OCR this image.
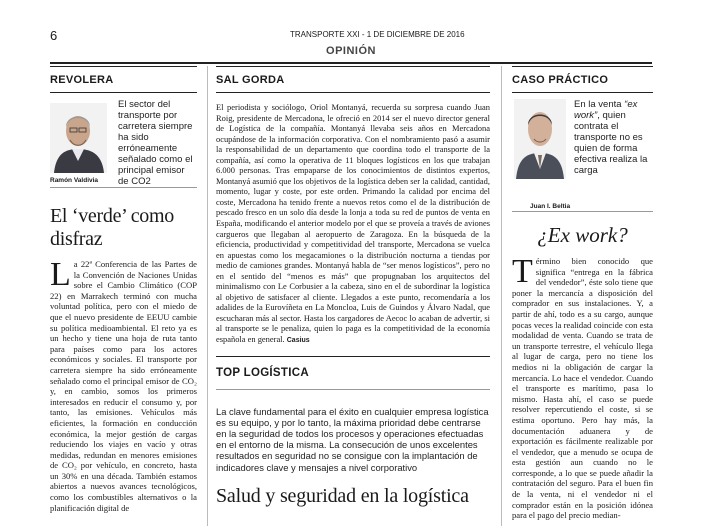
6	TRANSPORTE XXI - 1 DE DICIEMBRE DE 2016
OPINIÓN
REVOLERA
El sector del transporte por carretera siempre ha sido erróneamente señalado como el principal emisor de CO2
Ramón Valdivia
El ‘verde’ como disfraz
L a 22ª Conferencia de las Partes de la Convención de Naciones Unidas sobre el Cambio Climático (COP 22) en Marrakech terminó con mucha voluntad política, pero con el miedo de que el nuevo presidente de EEUU cambie su política medioambiental. El reto ya es un hecho y tiene una hoja de ruta tanto para países como para los actores económicos y sociales. El transporte por carretera siempre ha sido erróneamente señalado como el principal emisor de CO₂ y, en cambio, somos los primeros interesados en reducir el consumo y, por tanto, las emisiones. Vehículos más eficientes, la formación en conducción económica, la mejor gestión de cargas reduciendo los viajes en vacío y otras medidas, redundan en menores emisiones de CO₂ por vehículo, en concreto, hasta un 30% en una década. También estamos abiertos a nuevos avances tecnológicos, como los combustibles alternativos o la planificación digital de
SAL GORDA
El periodista y sociólogo, Oriol Montanyá, recuerda su sorpresa cuando Juan Roig, presidente de Mercadona, le ofreció en 2014 ser el nuevo director general de Logística de la compañía. Montanyá llevaba seis años en Mercadona ocupándose de la información corporativa. Con el nombramiento pasó a asumir la responsabilidad de un departamento que coordina todo el transporte de la compañía, así como la operativa de 11 bloques logísticos en los que trabajan 6.000 personas. Tras empaparse de los conocimientos de distintos expertos, Montanyá asumió que los objetivos de la logística deben ser la calidad, cantidad, momento, lugar y coste, por este orden. Primando la calidad por encima del coste, Mercadona ha tenido frente a nuevos retos como el de la distribución de pescado fresco en un solo día desde la lonja a toda su red de puntos de venta en España, modificando el anterior modelo por el que se proveía a través de aviones cargueros que llegaban al aeropuerto de Zaragoza. En la búsqueda de la eficiencia, productividad y competitividad del transporte, Mercadona se vuelca en apuestas como los megacamiones o la distribución nocturna a tiendas por medio de camiones grandes. Montanyá habla de “ser menos logísticos”, pero no en el sentido del “menos es más” que propugnaban los arquitectos del minimalismo con Le Corbusier a la cabeza, sino en el de subordinar la logística al objetivo de satisfacer al cliente. Llegados a este punto, recomendaría a los adalides de la Eurovíñeta en La Moncloa, Luis de Guindos y Álvaro Nadal, que escucharan más al sector. Hasta los cargadores de Aecoc lo acaban de advertir, si al transporte se le penaliza, quien lo paga es la competitividad de la economía española en general. Casius
TOP LOGÍSTICA
La clave fundamental para el éxito en cualquier empresa logística es su equipo, y por lo tanto, la máxima prioridad debe centrarse en la seguridad de todos los procesos y operaciones efectuadas en el entorno de la misma. La consecución de unos excelentes resultados en seguridad no se consigue con la implantación de indicadores clave y mensajes a nivel corporativo
Salud y seguridad en la logística
CASO PRÁCTICO
En la venta “ex work”, quien contrata el transporte no es quien de forma efectiva realiza la carga
Juan I. Beltia
¿Ex work?
T érmino bien conocido que significa “entrega en la fábrica del vendedor”, éste solo tiene que poner la mercancía a disposición del comprador en sus instalaciones. Y, a partir de ahí, todo es a su cargo, aunque pocas veces la realidad coincide con esta modalidad de venta. Cuando se trata de un transporte terrestre, el vehículo llega al lugar de carga, pero no tiene los medios ni la obligación de cargar la mercancía. Lo hace el vendedor. Cuando el transporte es marítimo, pasa lo mismo. Hasta ahí, el caso se puede resolver repercutiendo el coste, si se estima oportuno. Pero hay más, la documentación aduanera y de exportación es fácilmente realizable por el vendedor, que a menudo se ocupa de esta gestión aun cuando no le corresponde, a lo que se puede añadir la contratación del seguro. Para el buen fin de la venta, ni el vendedor ni el comprador están en la posición idónea para el pago del precio median-
